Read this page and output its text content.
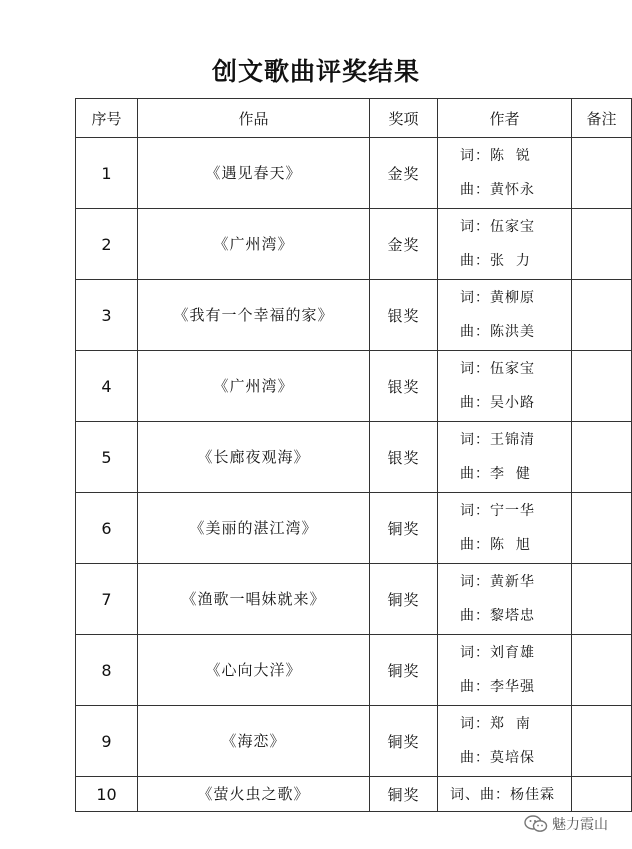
创文歌曲评奖结果
序号	作品	奖项	作者	备注
1	《遇见春天》	金奖	词：陈  锐
曲：黄怀永	
2	《广州湾》	金奖	词：伍家宝
曲：张  力	
3	《我有一个幸福的家》	银奖	词：黄柳原
曲：陈洪美	
4	《广州湾》	银奖	词：伍家宝
曲：吴小路	
5	《长廊夜观海》	银奖	词：王锦清
曲：李  健	
6	《美丽的湛江湾》	铜奖	词：宁一华
曲：陈  旭	
7	《渔歌一唱妹就来》	铜奖	词：黄新华
曲：黎塔忠	
8	《心向大洋》	铜奖	词：刘育雄
曲：李华强	
9	《海恋》	铜奖	词：郑  南
曲：莫培保	
10	《萤火虫之歌》	铜奖	词、曲：杨佳霖	
魅力霞山
